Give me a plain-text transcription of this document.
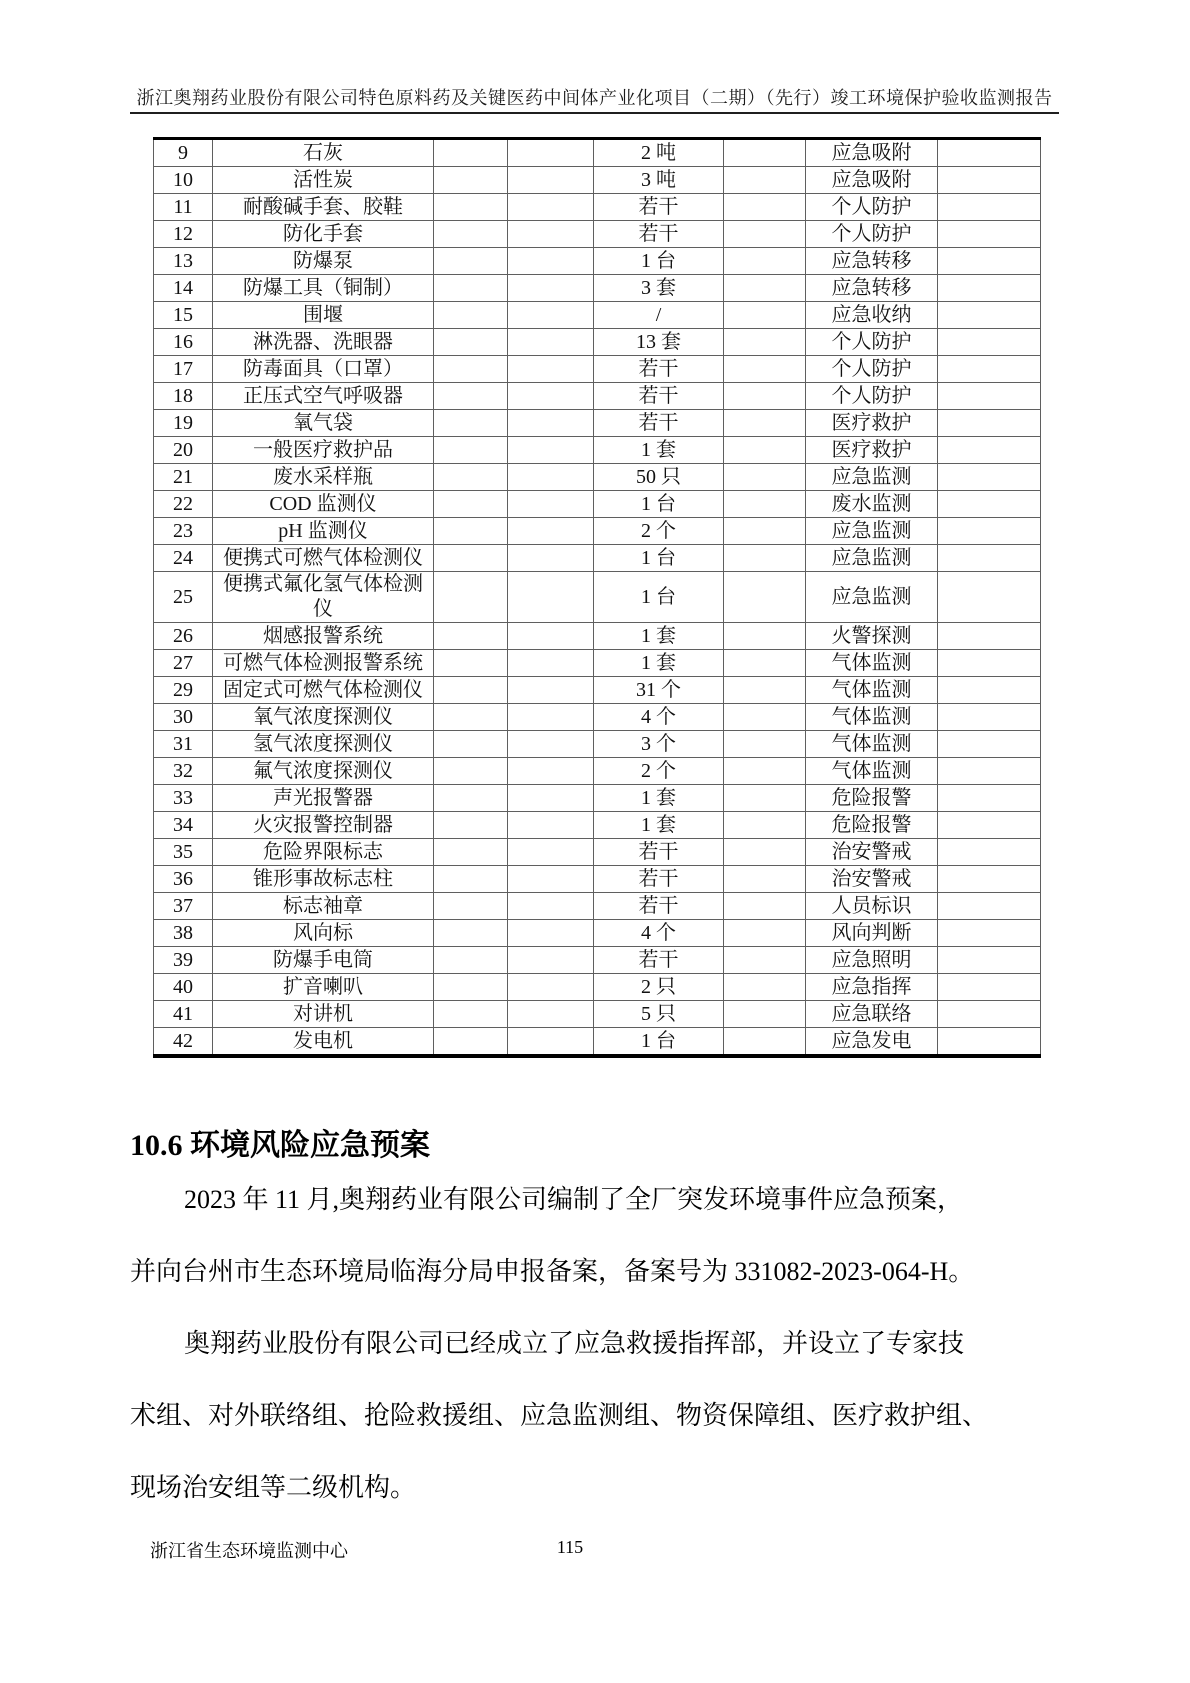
浙江奥翔药业股份有限公司特色原料药及关键医药中间体产业化项目（二期）（先行）竣工环境保护验收监测报告
9	石灰			2 吨		应急吸附	
10	活性炭			3 吨		应急吸附	
11	耐酸碱手套、胶鞋			若干		个人防护	
12	防化手套			若干		个人防护	
13	防爆泵			1 台		应急转移	
14	防爆工具（铜制）			3 套		应急转移	
15	围堰			/		应急收纳	
16	淋洗器、洗眼器			13 套		个人防护	
17	防毒面具（口罩）			若干		个人防护	
18	正压式空气呼吸器			若干		个人防护	
19	氧气袋			若干		医疗救护	
20	一般医疗救护品			1 套		医疗救护	
21	废水采样瓶			50 只		应急监测	
22	COD 监测仪			1 台		废水监测	
23	pH 监测仪			2 个		应急监测	
24	便携式可燃气体检测仪			1 台		应急监测	
25	便携式氟化氢气体检测仪			1 台		应急监测	
26	烟感报警系统			1 套		火警探测	
27	可燃气体检测报警系统			1 套		气体监测	
29	固定式可燃气体检测仪			31 个		气体监测	
30	氧气浓度探测仪			4 个		气体监测	
31	氢气浓度探测仪			3 个		气体监测	
32	氟气浓度探测仪			2 个		气体监测	
33	声光报警器			1 套		危险报警	
34	火灾报警控制器			1 套		危险报警	
35	危险界限标志			若干		治安警戒	
36	锥形事故标志柱			若干		治安警戒	
37	标志袖章			若干		人员标识	
38	风向标			4 个		风向判断	
39	防爆手电筒			若干		应急照明	
40	扩音喇叭			2 只		应急指挥	
41	对讲机			5 只		应急联络	
42	发电机			1 台		应急发电	
10.6 环境风险应急预案
2023 年 11 月,奥翔药业有限公司编制了全厂突发环境事件应急预案，
并向台州市生态环境局临海分局申报备案，备案号为 331082-2023-064-H。
奥翔药业股份有限公司已经成立了应急救援指挥部，并设立了专家技
术组、对外联络组、抢险救援组、应急监测组、物资保障组、医疗救护组、
现场治安组等二级机构。
浙江省生态环境监测中心	115
